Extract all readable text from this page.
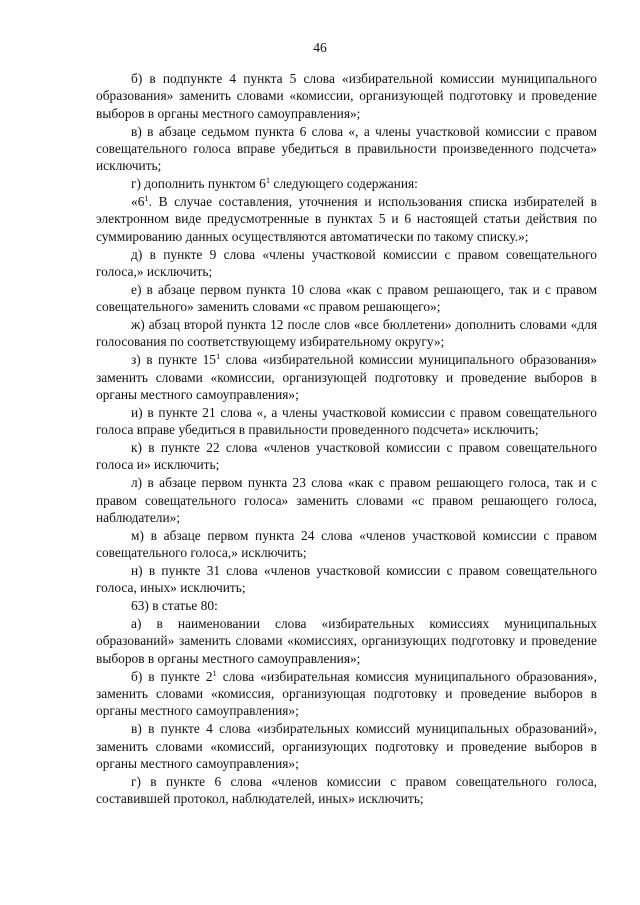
46

б) в подпункте 4 пункта 5 слова «избирательной комиссии муниципального образования» заменить словами «комиссии, организующей подготовку и проведение выборов в органы местного самоуправления»;

в) в абзаце седьмом пункта 6 слова «, а члены участковой комиссии с правом совещательного голоса вправе убедиться в правильности произведенного подсчета» исключить;

г) дополнить пунктом $6^1$ следующего содержания:

«$6^1$. В случае составления, уточнения и использования списка избирателей в электронном виде предусмотренные в пунктах 5 и 6 настоящей статьи действия по суммированию данных осуществляются автоматически по такому списку.»;

д) в пункте 9 слова «члены участковой комиссии с правом совещательного голоса,» исключить;

е) в абзаце первом пункта 10 слова «как с правом решающего, так и с правом совещательного» заменить словами «с правом решающего»;

ж) абзац второй пункта 12 после слов «все бюллетени» дополнить словами «для голосования по соответствующему избирательному округу»;

з) в пункте $15^1$ слова «избирательной комиссии муниципального образования» заменить словами «комиссии, организующей подготовку и проведение выборов в органы местного самоуправления»;

и) в пункте 21 слова «, а члены участковой комиссии с правом совещательного голоса вправе убедиться в правильности проведенного подсчета» исключить;

к) в пункте 22 слова «членов участковой комиссии с правом совещательного голоса и» исключить;

л) в абзаце первом пункта 23 слова «как с правом решающего голоса, так и с правом совещательного голоса» заменить словами «с правом решающего голоса, наблюдатели»;

м) в абзаце первом пункта 24 слова «членов участковой комиссии с правом совещательного голоса,» исключить;

н) в пункте 31 слова «членов участковой комиссии с правом совещательного голоса, иных» исключить;

63) в статье 80:

а) в наименовании слова «избирательных комиссиях муниципальных образований» заменить словами «комиссиях, организующих подготовку и проведение выборов в органы местного самоуправления»;

б) в пункте $2^1$ слова «избирательная комиссия муниципального образования», заменить словами «комиссия, организующая подготовку и проведение выборов в органы местного самоуправления»;

в) в пункте 4 слова «избирательных комиссий муниципальных образований», заменить словами «комиссий, организующих подготовку и проведение выборов в органы местного самоуправления»;

г) в пункте 6 слова «членов комиссии с правом совещательного голоса, составившей протокол, наблюдателей, иных» исключить;
